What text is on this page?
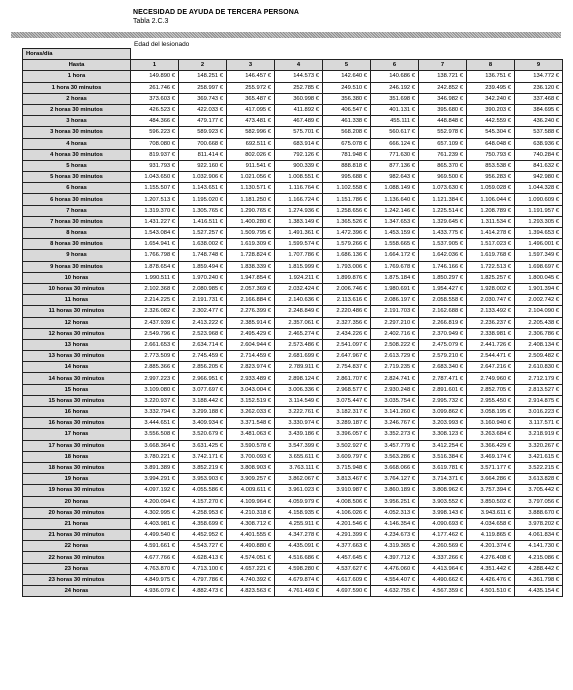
NECESIDAD DE AYUDA DE TERCERA PERSONA
Tabla 2.C.3
Edad del lesionado
Horas/día									
Hasta	1	2	3	4	5	6	7	8	9
1 hora	149.890 €	148.251 €	146.457 €	144.573 €	142.640 €	140.686 €	138.721 €	136.751 €	134.772 €
1 hora 30 minutos	261.746 €	258.997 €	255.972 €	252.785 €	249.510 €	246.192 €	242.852 €	239.495 €	236.120 €
2 horas	373.603 €	369.743 €	365.487 €	360.998 €	356.380 €	351.698 €	346.982 €	342.240 €	337.468 €
2 horas 30 minutos	426.523 €	422.033 €	417.095 €	411.892 €	406.547 €	401.131 €	395.680 €	390.203 €	384.695 €
3 horas	484.366 €	479.177 €	473.481 €	467.489 €	461.338 €	455.111 €	448.848 €	442.559 €	436.240 €
3 horas 30 minutos	596.223 €	589.923 €	582.996 €	575.701 €	568.208 €	560.617 €	552.978 €	545.304 €	537.588 €
4 horas	708.080 €	700.668 €	692.511 €	683.914 €	675.078 €	666.124 €	657.109 €	648.048 €	638.936 €
4 horas 30 minutos	819.937 €	811.414 €	802.026 €	792.126 €	781.948 €	771.630 €	761.239 €	750.793 €	740.284 €
5 horas	931.793 €	922.160 €	911.541 €	900.339 €	888.818 €	877.136 €	865.370 €	853.538 €	841.632 €
5 horas 30 minutos	1.043.650 €	1.032.906 €	1.021.056 €	1.008.551 €	995.688 €	982.643 €	969.500 €	956.283 €	942.980 €
6 horas	1.155.507 €	1.143.651 €	1.130.571 €	1.116.764 €	1.102.558 €	1.088.149 €	1.073.630 €	1.059.028 €	1.044.328 €
6 horas 30 minutos	1.207.513 €	1.195.020 €	1.181.250 €	1.166.724 €	1.151.786 €	1.136.640 €	1.121.384 €	1.106.044 €	1.090.609 €
7 horas	1.319.370 €	1.305.765 €	1.290.765 €	1.274.936 €	1.258.656 €	1.242.146 €	1.225.514 €	1.208.789 €	1.191.957 €
7 horas 30 minutos	1.431.227 €	1.416.511 €	1.400.280 €	1.383.149 €	1.365.526 €	1.347.653 €	1.329.645 €	1.311.534 €	1.293.305 €
8 horas	1.543.084 €	1.527.257 €	1.509.795 €	1.491.361 €	1.472.396 €	1.453.159 €	1.433.775 €	1.414.278 €	1.394.653 €
8 horas 30 minutos	1.654.941 €	1.638.002 €	1.619.309 €	1.599.574 €	1.579.266 €	1.558.665 €	1.537.905 €	1.517.023 €	1.496.001 €
9 horas	1.766.798 €	1.748.748 €	1.728.824 €	1.707.786 €	1.686.136 €	1.664.172 €	1.642.036 €	1.619.768 €	1.597.349 €
9 horas 30 minutos	1.878.654 €	1.859.494 €	1.838.339 €	1.815.999 €	1.793.006 €	1.769.678 €	1.746.166 €	1.722.513 €	1.698.697 €
10 horas	1.990.511 €	1.970.240 €	1.947.854 €	1.924.211 €	1.899.876 €	1.875.184 €	1.850.297 €	1.825.257 €	1.800.045 €
10 horas 30 minutos	2.102.368 €	2.080.985 €	2.057.369 €	2.032.424 €	2.006.746 €	1.980.691 €	1.954.427 €	1.928.002 €	1.901.394 €
11 horas	2.214.225 €	2.191.731 €	2.166.884 €	2.140.636 €	2.113.616 €	2.086.197 €	2.058.558 €	2.030.747 €	2.002.742 €
11 horas 30 minutos	2.326.082 €	2.302.477 €	2.276.399 €	2.248.849 €	2.220.486 €	2.191.703 €	2.162.688 €	2.133.492 €	2.104.090 €
12 horas	2.437.939 €	2.413.222 €	2.385.914 €	2.357.061 €	2.327.356 €	2.297.210 €	2.266.819 €	2.236.237 €	2.205.438 €
12 horas 30 minutos	2.549.796 €	2.523.968 €	2.495.429 €	2.465.274 €	2.434.226 €	2.402.716 €	2.370.949 €	2.338.981 €	2.306.786 €
13 horas	2.661.653 €	2.634.714 €	2.604.944 €	2.573.486 €	2.541.097 €	2.508.222 €	2.475.079 €	2.441.726 €	2.408.134 €
13 horas 30 minutos	2.773.509 €	2.745.459 €	2.714.459 €	2.681.699 €	2.647.967 €	2.613.729 €	2.579.210 €	2.544.471 €	2.509.482 €
14 horas	2.885.366 €	2.856.205 €	2.823.974 €	2.789.911 €	2.754.837 €	2.719.235 €	2.683.340 €	2.647.216 €	2.610.830 €
14 horas 30 minutos	2.997.223 €	2.966.951 €	2.933.489 €	2.898.124 €	2.861.707 €	2.824.741 €	2.787.471 €	2.749.960 €	2.712.179 €
15 horas	3.109.080 €	3.077.697 €	3.043.004 €	3.006.336 €	2.968.577 €	2.930.248 €	2.891.601 €	2.852.705 €	2.813.527 €
15 horas 30 minutos	3.220.937 €	3.188.442 €	3.152.519 €	3.114.549 €	3.075.447 €	3.035.754 €	2.995.732 €	2.955.450 €	2.914.875 €
16 horas	3.332.794 €	3.299.188 €	3.262.033 €	3.222.761 €	3.182.317 €	3.141.260 €	3.099.862 €	3.058.195 €	3.016.223 €
16 horas 30 minutos	3.444.651 €	3.409.934 €	3.371.548 €	3.330.974 €	3.289.187 €	3.246.767 €	3.203.993 €	3.160.940 €	3.117.571 €
17 horas	3.556.508 €	3.520.679 €	3.481.063 €	3.439.186 €	3.396.057 €	3.352.273 €	3.308.123 €	3.263.684 €	3.218.919 €
17 horas 30 minutos	3.668.364 €	3.631.425 €	3.590.578 €	3.547.399 €	3.502.927 €	3.457.779 €	3.412.254 €	3.366.429 €	3.320.267 €
18 horas	3.780.221 €	3.742.171 €	3.700.093 €	3.655.611 €	3.609.797 €	3.563.286 €	3.516.384 €	3.469.174 €	3.421.615 €
18 horas 30 minutos	3.891.389 €	3.852.219 €	3.808.903 €	3.763.111 €	3.715.948 €	3.668.066 €	3.619.781 €	3.571.177 €	3.522.215 €
19 horas	3.994.291 €	3.953.903 €	3.909.257 €	3.862.067 €	3.813.467 €	3.764.127 €	3.714.371 €	3.664.286 €	3.613.828 €
19 horas 30 minutos	4.097.192 €	4.055.586 €	4.009.611 €	3.961.023 €	3.910.987 €	3.860.189 €	3.808.962 €	3.757.394 €	3.705.442 €
20 horas	4.200.094 €	4.157.270 €	4.109.964 €	4.059.979 €	4.008.506 €	3.956.251 €	3.903.552 €	3.850.502 €	3.797.056 €
20 horas 30 minutos	4.302.995 €	4.258.953 €	4.210.318 €	4.158.935 €	4.106.026 €	4.052.313 €	3.998.143 €	3.943.611 €	3.888.670 €
21 horas	4.403.981 €	4.358.699 €	4.308.712 €	4.255.911 €	4.201.546 €	4.146.354 €	4.090.693 €	4.034.658 €	3.978.202 €
21 horas 30 minutos	4.499.540 €	4.452.952 €	4.401.555 €	4.347.278 €	4.291.399 €	4.234.673 €	4.177.462 €	4.119.865 €	4.061.834 €
22 horas	4.591.661 €	4.543.727 €	4.490.880 €	4.435.091 €	4.377.663 €	4.319.365 €	4.260.569 €	4.201.374 €	4.141.730 €
22 horas 30 minutos	4.677.766 €	4.628.413 €	4.574.051 €	4.516.686 €	4.457.645 €	4.397.712 €	4.337.266 €	4.276.408 €	4.215.086 €
23 horas	4.763.870 €	4.713.100 €	4.657.221 €	4.598.280 €	4.537.627 €	4.476.060 €	4.413.964 €	4.351.442 €	4.288.442 €
23 horas 30 minutos	4.849.975 €	4.797.786 €	4.740.392 €	4.679.874 €	4.617.609 €	4.554.407 €	4.490.662 €	4.426.476 €	4.361.798 €
24 horas	4.936.079 €	4.882.473 €	4.823.563 €	4.761.469 €	4.697.590 €	4.632.755 €	4.567.359 €	4.501.510 €	4.435.154 €
